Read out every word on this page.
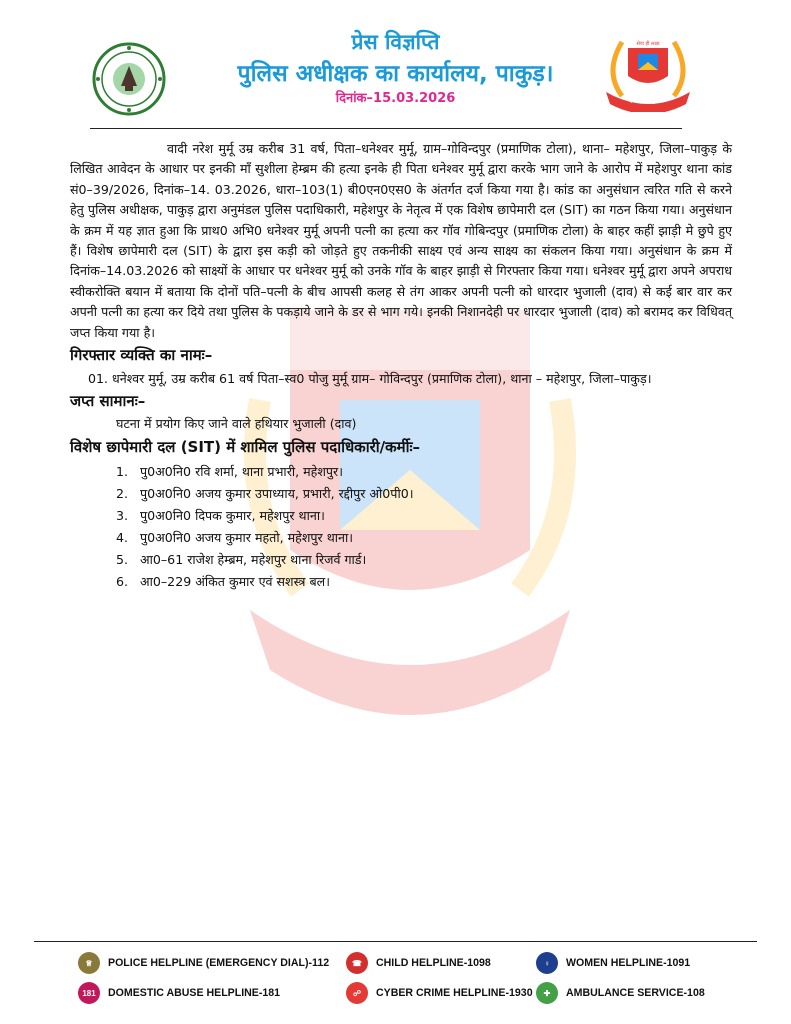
प्रेस विज्ञप्ति
पुलिस अधीक्षक का कार्यालय, पाकुड़।
दिनांक–15.03.2026	झारखंड पुलिस
सेवा ही लक्ष्य

वादी नरेश मुर्मू उम्र करीब 31 वर्ष, पिता–धनेश्वर मुर्मू, ग्राम–गोविन्दपुर (प्रमाणिक टोला), थाना– महेशपुर, जिला–पाकुड़ के लिखित आवेदन के आधार पर इनकी माँ सुशीला हेम्ब्रम की हत्या इनके ही पिता धनेश्वर मुर्मू द्वारा करके भाग जाने के आरोप में महेशपुर थाना कांड सं0–39/2026, दिनांक–14. 03.2026, धारा–103(1) बी0एन0एस0 के अंतर्गत दर्ज किया गया है। कांड का अनुसंधान त्वरित गति से करने हेतु पुलिस अधीक्षक, पाकुड़ द्वारा अनुमंडल पुलिस पदाधिकारी, महेशपुर के नेतृत्व में एक विशेष छापेमारी दल (SIT) का गठन किया गया। अनुसंधान के क्रम में यह ज्ञात हुआ कि प्राथ0 अभि0 धनेश्वर मुर्मू अपनी पत्नी का हत्या कर गॉव गोबिन्दपुर (प्रमाणिक टोला) के बाहर कहीं झाड़ी मे छुपे हुए हैं। विशेष छापेमारी दल (SIT) के द्वारा इस कड़ी को जोड़ते हुए तकनीकी साक्ष्य एवं अन्य साक्ष्य का संकलन किया गया। अनुसंधान के क्रम में दिनांक–14.03.2026 को साक्ष्यों के आधार पर धनेश्वर मुर्मू को उनके गॉव के बाहर झाड़ी से गिरफ्तार किया गया। धनेश्वर मुर्मू द्वारा अपने अपराध स्वीकरोक्ति बयान में बताया कि दोनों पति–पत्नी के बीच आपसी कलह से तंग आकर अपनी पत्नी को धारदार भुजाली (दाव) से कई बार वार कर अपनी पत्नी का हत्या कर दिये तथा पुलिस के पकड़ाये जाने के डर से भाग गये। इनकी निशानदेही पर धारदार भुजाली (दाव) को बरामद कर विधिवत् जप्त किया गया है।

गिरफ्तार व्यक्ति का नामः–

01. धनेश्वर मुर्मू, उम्र करीब 61 वर्ष पिता–स्व0 पोजु मुर्मू ग्राम– गोविन्दपुर (प्रमाणिक टोला), थाना – महेशपुर, जिला–पाकुड़।

जप्त सामानः–

घटना में प्रयोग किए जाने वाले हथियार भुजाली (दाव)

विशेष छापेमारी दल (SIT) में शामिल पुलिस पदाधिकारी/कर्मीः–
1. पु0अ0नि0 रवि शर्मा, थाना प्रभारी, महेशपुर।
2. पु0अ0नि0 अजय कुमार उपाध्याय, प्रभारी, रद्दीपुर ओ0पी0।
3. पु0अ0नि0 दिपक कुमार, महेशपुर थाना।
4. पु0अ0नि0 अजय कुमार महतो, महेशपुर थाना।
5. आ0–61 राजेश हेम्ब्रम, महेशपुर थाना रिजर्व गार्ड।
6. आ0–229 अंकित कुमार एवं सशस्त्र बल।
♕	POLICE HELPLINE (EMERGENCY DIAL)-112	☎	CHILD HELPLINE-1098	♀	WOMEN HELPLINE-1091
181	DOMESTIC ABUSE HELPLINE-181	☍	CYBER CRIME HELPLINE-1930	✚	AMBULANCE SERVICE-108
